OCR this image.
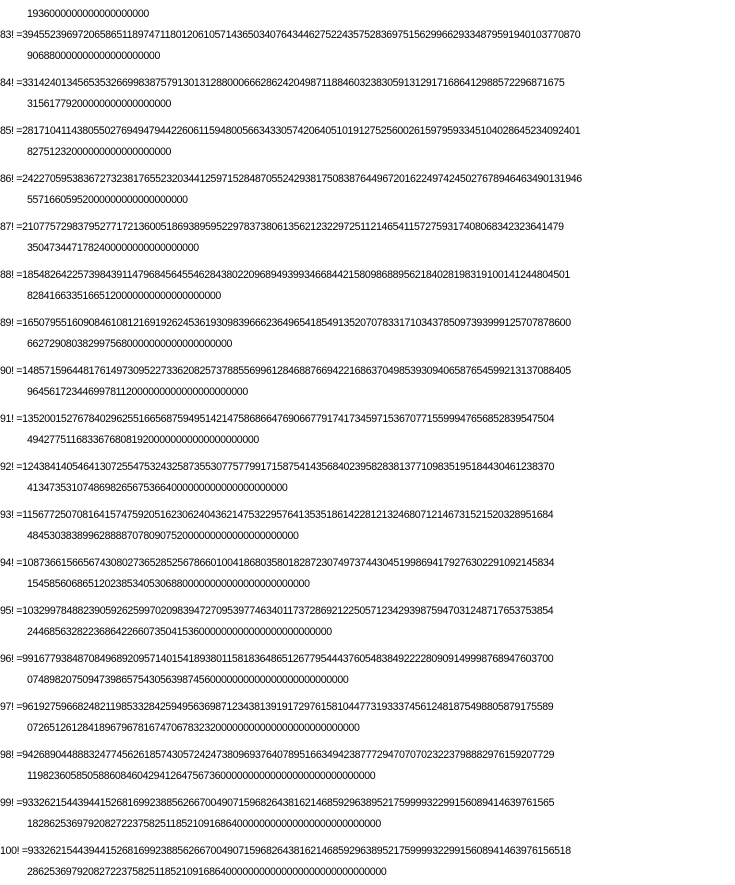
1936000000000000000000
83! =39455239697206586511897471180120610571436503407643446275224357528369751562996629334879591940103770870
906880000000000000000000
84! =33142401345653532669983875791301312880006662862420498711884603238305913129171686412988572296871675
31561779200000000000000000
85! =28171041143805502769494794422606115948005663433057420640510191275256002615979593345104028645234092401
82751232000000000000000000
86! =24227059538367273238176552320344125971528487055242938175083876449672016224974245027678946463490131946
55716605952000000000000000000
87! =21077572983795277172136005186938959522978373806135621232297251121465411572759317408068342323641479
3504734471782400000000000000000
88! =185482642257398439114796845645546284380220968949399346684421580986889562184028198319100141244804501
82841663351665120000000000000000000
89! =165079551609084610812169192624536193098396662364965418549135207078331710343785097393999125707878600
6627290803829975680000000000000000000
90! =148571596448176149730952273362082573788556996128468876694221686370498539309406587654599213137088405
9645617234469978112000000000000000000000
91! =135200152767840296255166568759495142147586866476906677917417345971536707715599947656852839547504
494277511683367680819200000000000000000000
92! =124384140546413072554753243258735530775779917158754143568402395828381377109835195184430461238370
41347353107486982656753664000000000000000000000
93! =115677250708164157475920516230624043621475322957641353518614228121324680712146731521520328951684
4845303838996288887078090752000000000000000000000
94! =108736615665674308027365285256786601004186803580182872307497374430451998694179276302291092145834
154585606865120238534053068800000000000000000000000
95! =103299784882390592625997020983947270953977463401173728692122505712342939875947031248717653753854
2446856328223686422660735041536000000000000000000000000
96! =991677938487084968920957140154189380115818364865126779544437605483849222280909149998768947603700
0748982075094739865754305639874560000000000000000000000000
97! =961927596682482119853328425949563698712343813919172976158104477319333745612481875498805879175589
072651261284189679678167470678323200000000000000000000000000
98! =942689044888324774562618574305724247380969376407895166349423877729470707023223798882976159207729
119823605850588608460429412647567360000000000000000000000000000
99! =933262154439441526816992388562667004907159682643816214685929638952175999932299156089414639761565
1828625369792082722375825118521091686400000000000000000000000000
100! =93326215443944152681699238856266700490715968264381621468592963895217599993229915608941463976156518
28625369792082722375825118521091686400000000000000000000000000000
